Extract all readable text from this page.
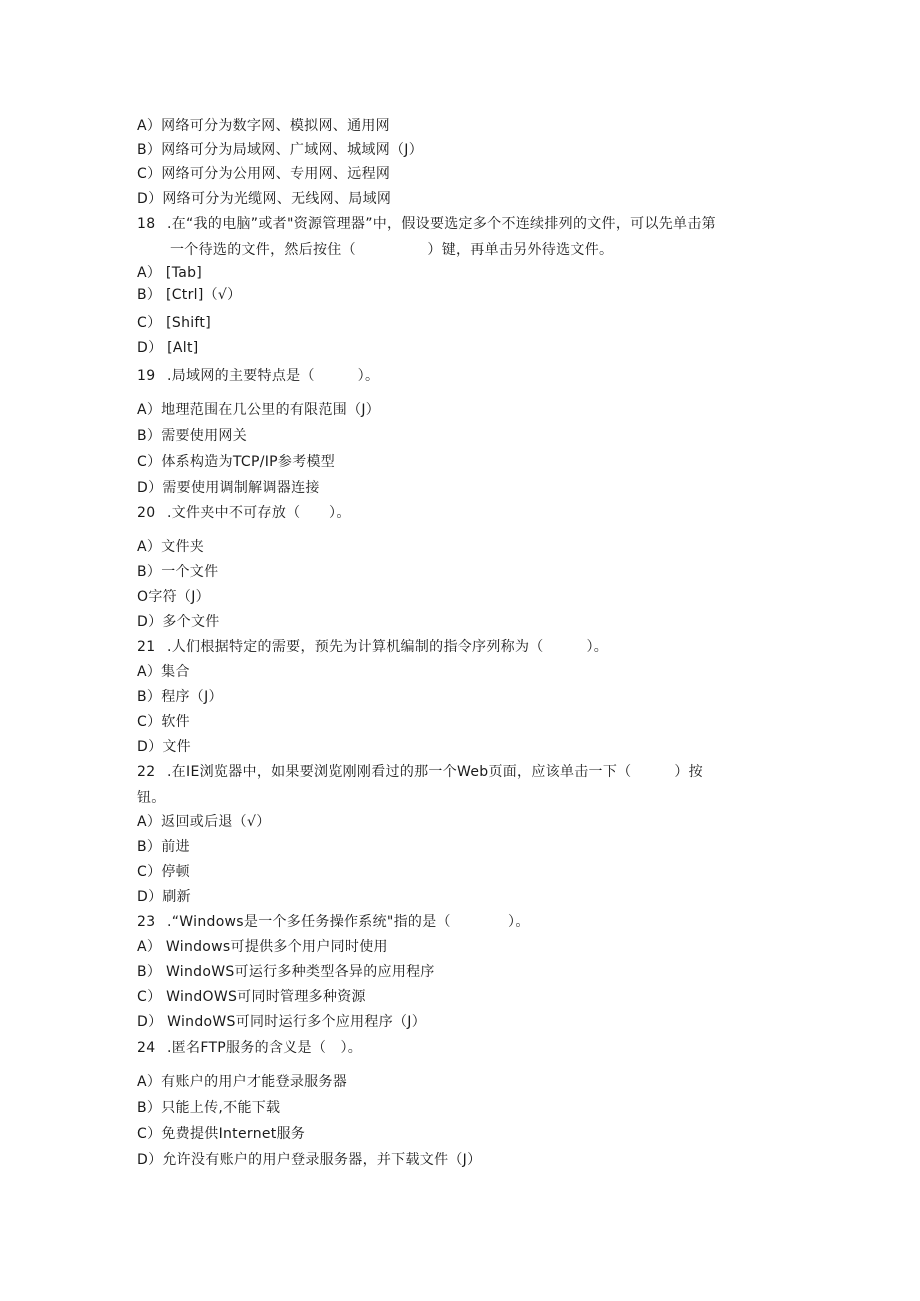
A）网络可分为数字网、模拟网、通用网
B）网络可分为局域网、广域网、城域网（J）
C）网络可分为公用网、专用网、远程网
D）网络可分为光缆网、无线网、局域网
18 .在“我的电脑”或者"资源管理器”中，假设要选定多个不连续排列的文件，可以先单击第
一个待选的文件，然后按住（　　　　　）键，再单击另外待选文件。
A） [Tab]
B） [Ctrl]（√）
C） [Shift]
D） [Alt]
19 .局域网的主要特点是（　　　）。
A）地理范围在几公里的有限范围（J）
B）需要使用网关
C）体系构造为TCP/IP参考模型
D）需要使用调制解调器连接
20 .文件夹中不可存放（　　）。
A）文件夹
B）一个文件
O字符（J）
D）多个文件
21 .人们根据特定的需要，预先为计算机编制的指令序列称为（　　　）。
A）集合
B）程序（J）
C）软件
D）文件
22 .在IE浏览器中，如果要浏览刚刚看过的那一个Web页面，应该单击一下（　　　）按
钮。
A）返回或后退（√）
B）前进
C）停顿
D）刷新
23 .“Windows是一个多任务操作系统"指的是（　　　　）。
A） Windows可提供多个用户同时使用
B） WindoWS可运行多种类型各异的应用程序
C） WindOWS可同时管理多种资源
D） WindoWS可同时运行多个应用程序（J）
24 .匿名FTP服务的含义是（　）。
A）有账户的用户才能登录服务器
B）只能上传,不能下载
C）免费提供Internet服务
D）允许没有账户的用户登录服务器，并下载文件（J）
